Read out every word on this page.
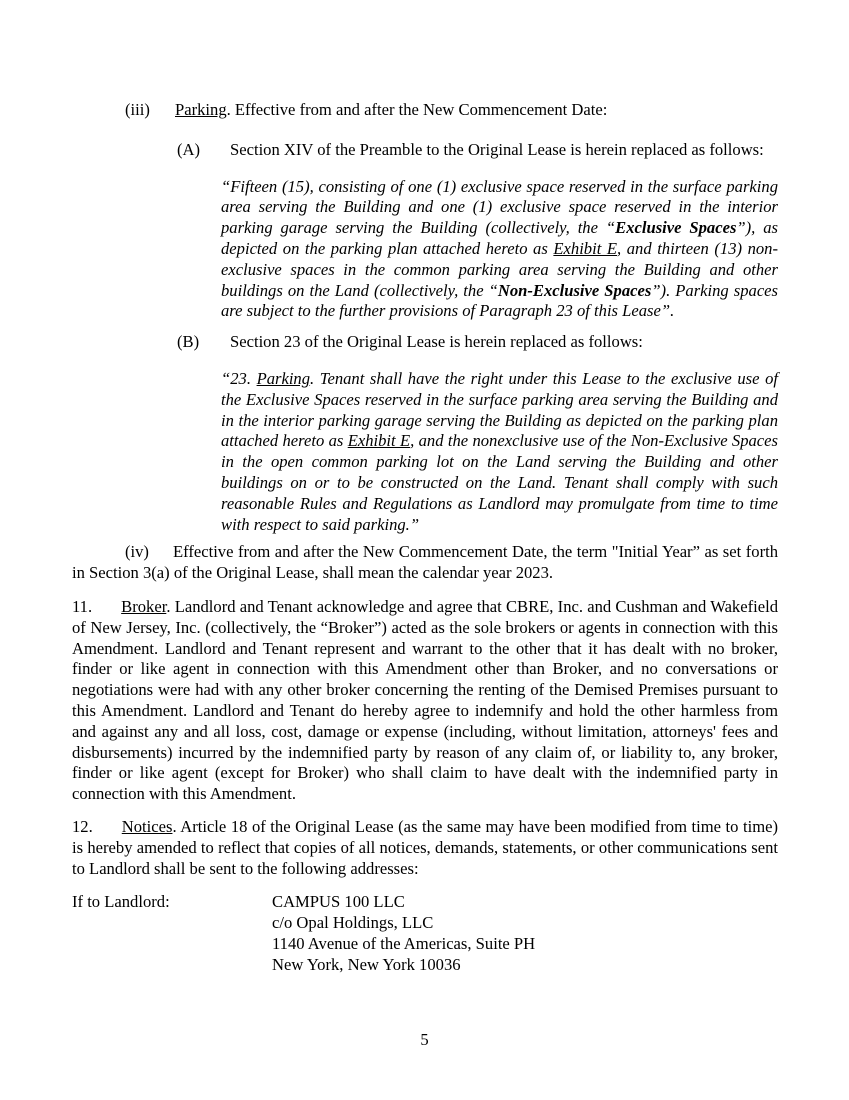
(iii) Parking. Effective from and after the New Commencement Date:
(A) Section XIV of the Preamble to the Original Lease is herein replaced as follows:
“Fifteen (15), consisting of one (1) exclusive space reserved in the surface parking area serving the Building and one (1) exclusive space reserved in the interior parking garage serving the Building (collectively, the “Exclusive Spaces”), as depicted on the parking plan attached hereto as Exhibit E, and thirteen (13) non-exclusive spaces in the common parking area serving the Building and other buildings on the Land (collectively, the “Non-Exclusive Spaces”). Parking spaces are subject to the further provisions of Paragraph 23 of this Lease”.
(B) Section 23 of the Original Lease is herein replaced as follows:
“23. Parking. Tenant shall have the right under this Lease to the exclusive use of the Exclusive Spaces reserved in the surface parking area serving the Building and in the interior parking garage serving the Building as depicted on the parking plan attached hereto as Exhibit E, and the nonexclusive use of the Non-Exclusive Spaces in the open common parking lot on the Land serving the Building and other buildings on or to be constructed on the Land. Tenant shall comply with such reasonable Rules and Regulations as Landlord may promulgate from time to time with respect to said parking.”
(iv) Effective from and after the New Commencement Date, the term "Initial Year” as set forth in Section 3(a) of the Original Lease, shall mean the calendar year 2023.
11. Broker. Landlord and Tenant acknowledge and agree that CBRE, Inc. and Cushman and Wakefield of New Jersey, Inc. (collectively, the “Broker”) acted as the sole brokers or agents in connection with this Amendment. Landlord and Tenant represent and warrant to the other that it has dealt with no broker, finder or like agent in connection with this Amendment other than Broker, and no conversations or negotiations were had with any other broker concerning the renting of the Demised Premises pursuant to this Amendment. Landlord and Tenant do hereby agree to indemnify and hold the other harmless from and against any and all loss, cost, damage or expense (including, without limitation, attorneys' fees and disbursements) incurred by the indemnified party by reason of any claim of, or liability to, any broker, finder or like agent (except for Broker) who shall claim to have dealt with the indemnified party in connection with this Amendment.
12. Notices. Article 18 of the Original Lease (as the same may have been modified from time to time) is hereby amended to reflect that copies of all notices, demands, statements, or other communications sent to Landlord shall be sent to the following addresses:
If to Landlord:	CAMPUS 100 LLC
c/o Opal Holdings, LLC
1140 Avenue of the Americas, Suite PH
New York, New York 10036
5
